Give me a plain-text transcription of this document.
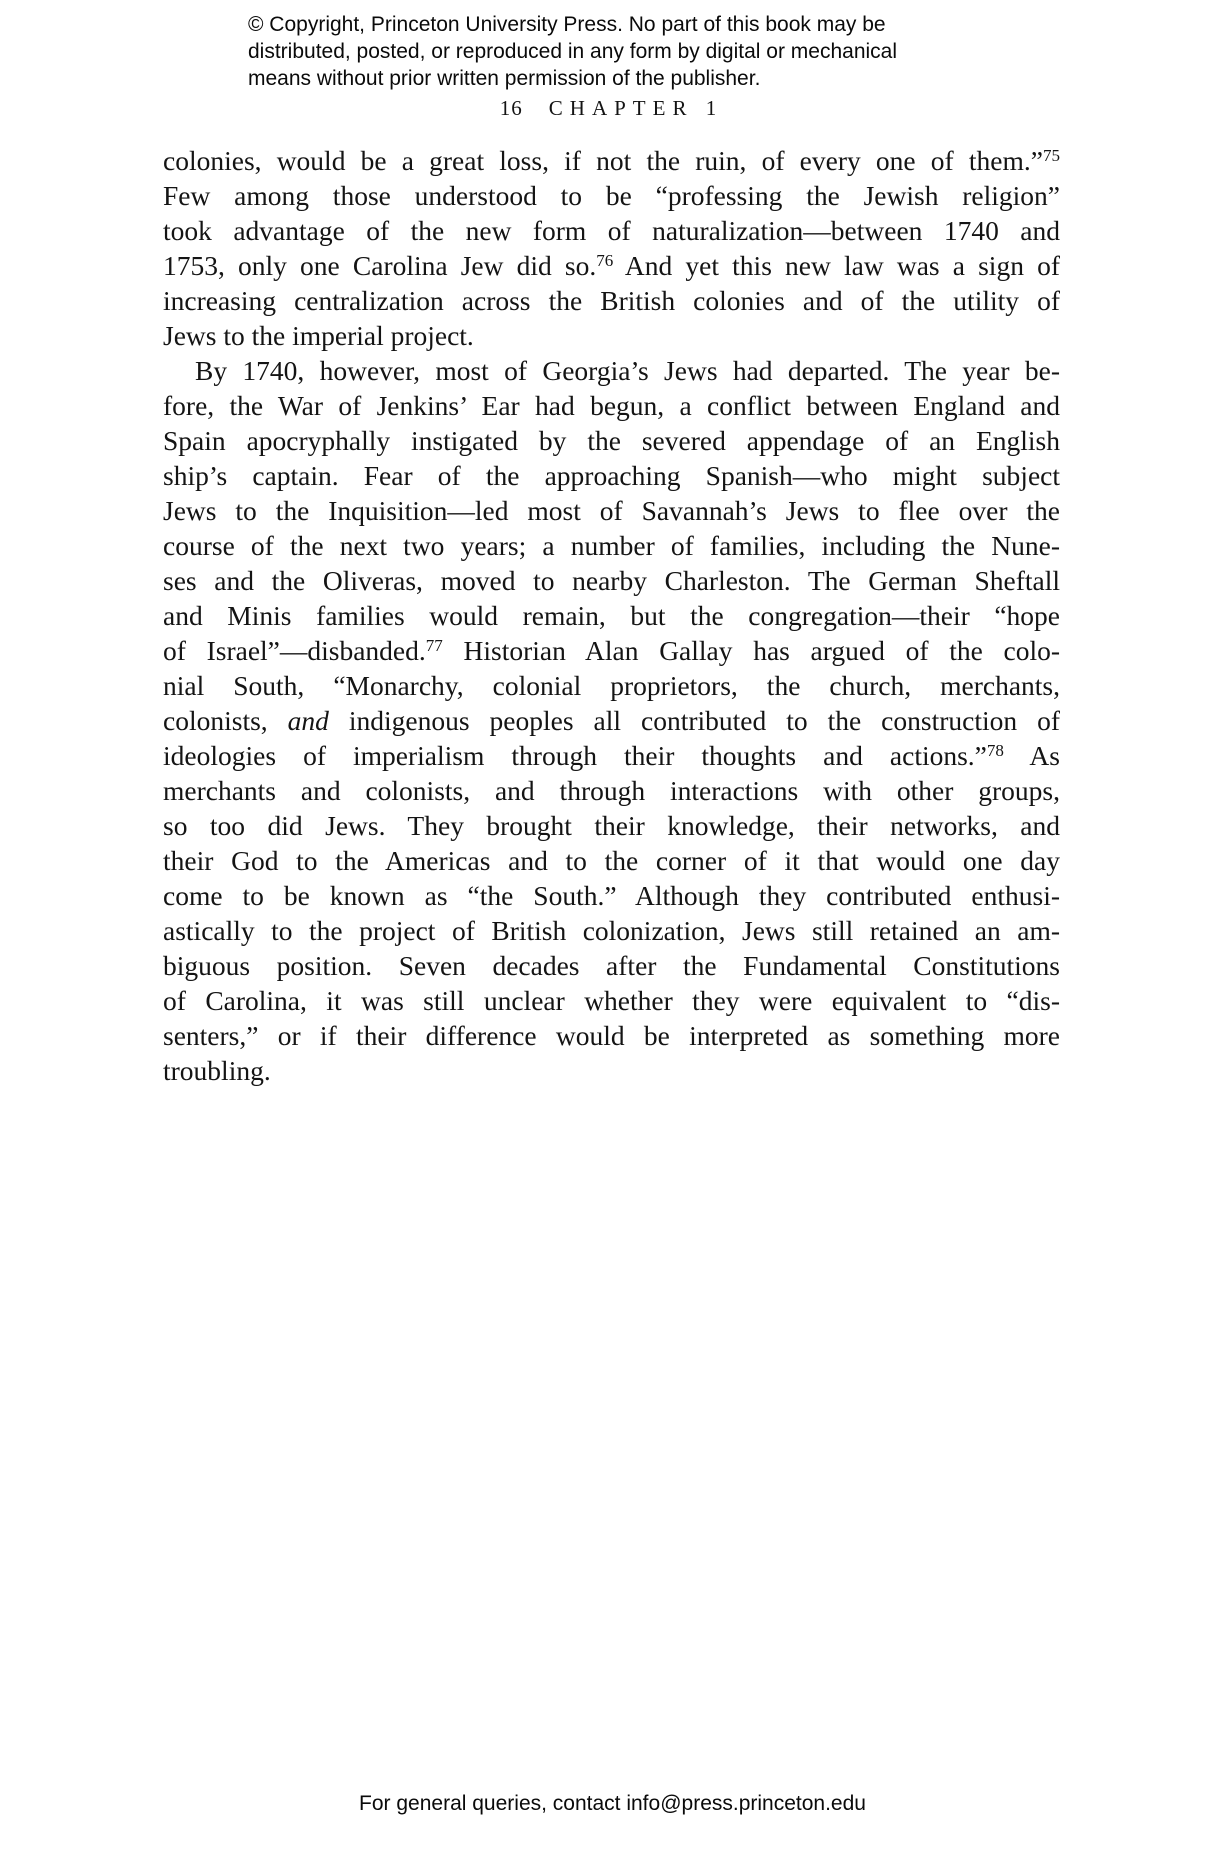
© Copyright, Princeton University Press. No part of this book may be
distributed, posted, or reproduced in any form by digital or mechanical
means without prior written permission of the publisher.
16 CHAPTER 1
colonies, would be a great loss, if not the ruin, of every one of them.”$^{75}$
Few among those understood to be “professing the Jewish religion”
took advantage of the new form of naturalization—between 1740 and
1753, only one Carolina Jew did so.$^{76}$ And yet this new law was a sign of
increasing centralization across the British colonies and of the utility of
Jews to the imperial project.
By 1740, however, most of Georgia’s Jews had departed. The year be-
fore, the War of Jenkins’ Ear had begun, a conflict between England and
Spain apocryphally instigated by the severed appendage of an English
ship’s captain. Fear of the approaching Spanish—who might subject
Jews to the Inquisition—led most of Savannah’s Jews to flee over the
course of the next two years; a number of families, including the Nune-
ses and the Oliveras, moved to nearby Charleston. The German Sheftall
and Minis families would remain, but the congregation—their “hope
of Israel”—disbanded.$^{77}$ Historian Alan Gallay has argued of the colo-
nial South, “Monarchy, colonial proprietors, the church, merchants,
colonists, and indigenous peoples all contributed to the construction of
ideologies of imperialism through their thoughts and actions.”$^{78}$ As
merchants and colonists, and through interactions with other groups,
so too did Jews. They brought their knowledge, their networks, and
their God to the Americas and to the corner of it that would one day
come to be known as “the South.” Although they contributed enthusi-
astically to the project of British colonization, Jews still retained an am-
biguous position. Seven decades after the Fundamental Constitutions
of Carolina, it was still unclear whether they were equivalent to “dis-
senters,” or if their difference would be interpreted as something more
troubling.
For general queries, contact info@press.princeton.edu
